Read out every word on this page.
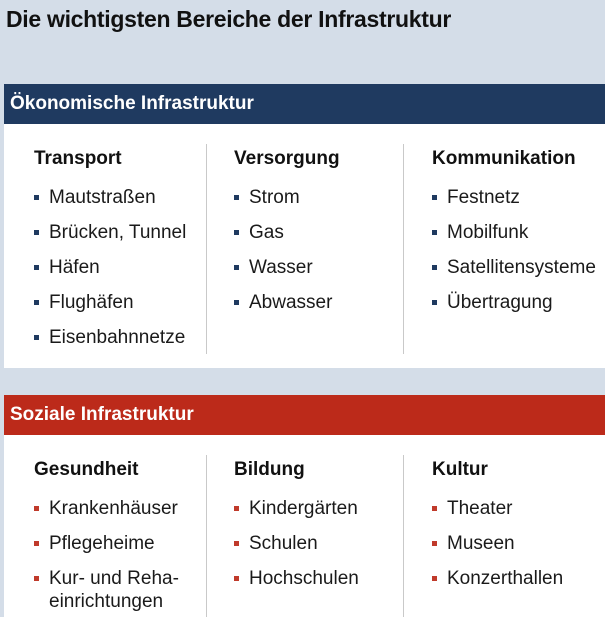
Die wichtigsten Bereiche der Infrastruktur
Ökonomische Infrastruktur
Transport
Mautstraßen
Brücken, Tunnel
Häfen
Flughäfen
Eisenbahnnetze
Versorgung
Strom
Gas
Wasser
Abwasser
Kommunikation
Festnetz
Mobilfunk
Satellitensysteme
Übertragung
Soziale Infrastruktur
Gesundheit
Krankenhäuser
Pflegeheime
Kur- und Reha-einrichtungen
Bildung
Kindergärten
Schulen
Hochschulen
Kultur
Theater
Museen
Konzerthallen
